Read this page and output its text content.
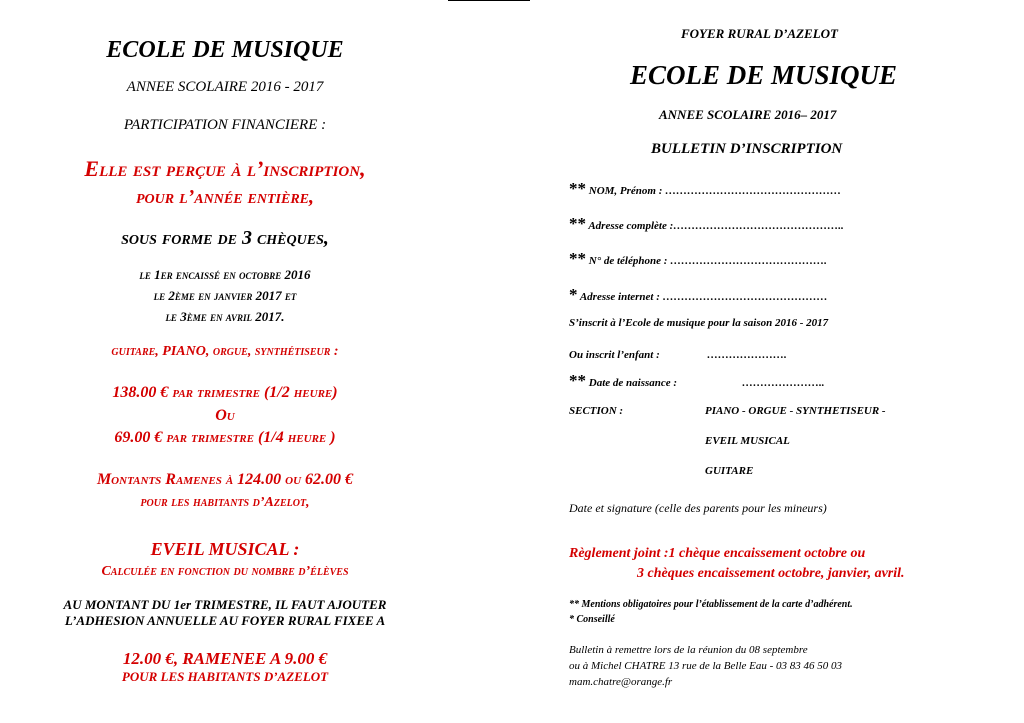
ECOLE DE MUSIQUE
ANNEE SCOLAIRE 2016 - 2017
PARTICIPATION FINANCIERE :
Elle est perçue à l’inscription,
pour l’année entière,
sous forme de 3 chèques,
le 1er encaissé en octobre 2016
le 2ème en janvier 2017 et
le 3ème en avril 2017.
guitare, PIANO, orgue, synthétiseur :
138.00 € par trimestre (1/2 heure)
Ou
69.00 € par trimestre (1/4 heure )
Montants Ramenes à 124.00 ou 62.00 €
pour les habitants d’Azelot,
EVEIL MUSICAL :
Calculée en fonction du nombre d’élèves
AU MONTANT DU 1er TRIMESTRE, IL FAUT AJOUTER
L’ADHESION ANNUELLE AU FOYER RURAL FIXEE A
12.00 €, RAMENEE A 9.00 €
POUR LES HABITANTS D’AZELOT
FOYER RURAL D’AZELOT
ECOLE DE MUSIQUE
ANNEE SCOLAIRE 2016– 2017
BULLETIN D’INSCRIPTION
** NOM, Prénom : …………………………………………
** Adresse complète :………………………………………..
** N° de téléphone : …………………………………….
* Adresse internet : ………………………………………
S’inscrit à l’Ecole de musique pour la saison 2016 - 2017
Ou inscrit l’enfant :	………………….
** Date de naissance :	…………………..
SECTION :	PIANO - ORGUE - SYNTHETISEUR -
EVEIL MUSICAL
GUITARE
Date et signature (celle des parents pour les mineurs)
Règlement joint :1 chèque encaissement octobre ou
3 chèques encaissement octobre, janvier, avril.
** Mentions obligatoires pour l’établissement de la carte d’adhérent.
* Conseillé
Bulletin à remettre lors de la réunion du 08 septembre
ou à Michel CHATRE 13 rue de la Belle Eau - 03 83 46 50 03
mam.chatre@orange.fr
